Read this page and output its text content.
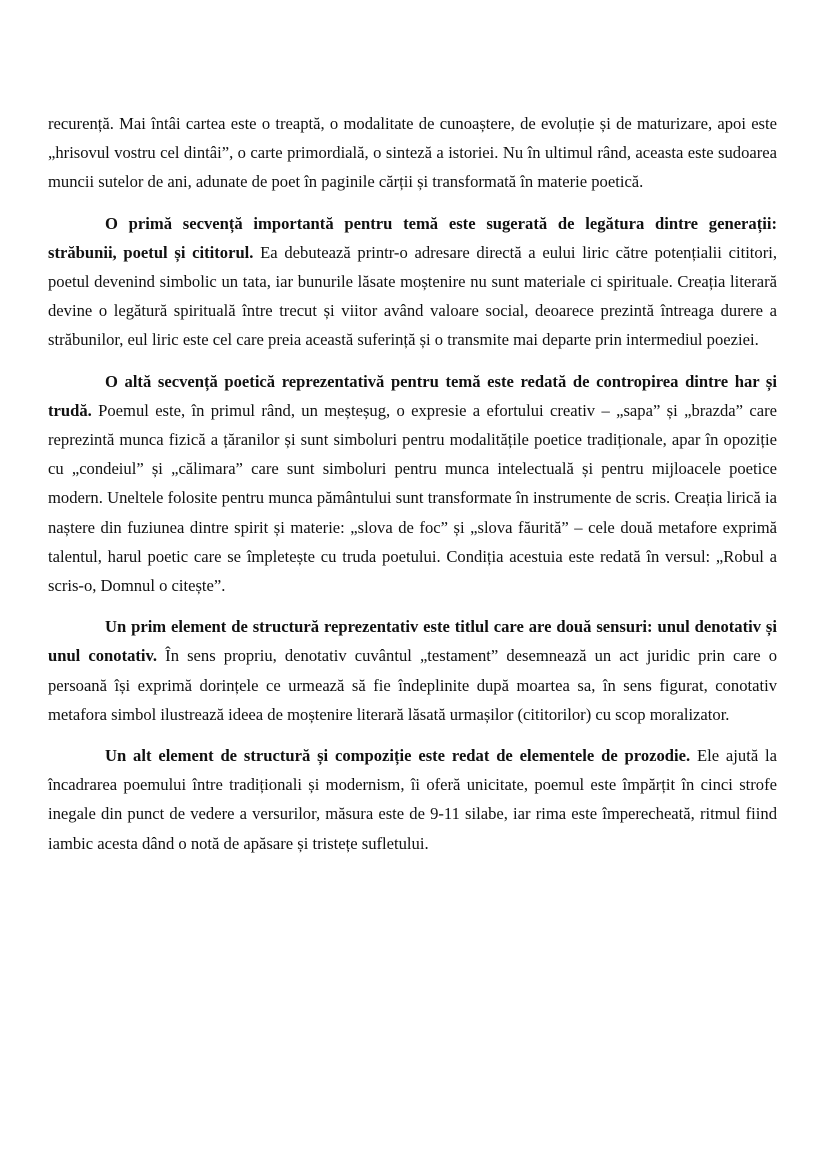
recurență. Mai întâi cartea este o treaptă, o modalitate de cunoaștere, de evoluție și de maturizare, apoi este „hrisovul vostru cel dintâi”, o carte primordială, o sinteză a istoriei. Nu în ultimul rând, aceasta este sudoarea muncii sutelor de ani, adunate de poet în paginile cărții și transformată în materie poetică.

O primă secvență importantă pentru temă este sugerată de legătura dintre generații: străbunii, poetul și cititorul. Ea debutează printr-o adresare directă a eului liric către potențialii cititori, poetul devenind simbolic un tata, iar bunurile lăsate moștenire nu sunt materiale ci spirituale. Creația literară devine o legătură spirituală între trecut și viitor având valoare social, deoarece prezintă întreaga durere a străbunilor, eul liric este cel care preia această suferință și o transmite mai departe prin intermediul poeziei.

O altă secvență poetică reprezentativă pentru temă este redată de contropirea dintre har și trudă. Poemul este, în primul rând, un meșteșug, o expresie a efortului creativ – „sapa” și „brazda” care reprezintă munca fizică a țăranilor și sunt simboluri pentru modalitățile poetice tradiționale, apar în opoziție cu „condeiul” și „călimara” care sunt simboluri pentru munca intelectuală și pentru mijloacele poetice modern. Uneltele folosite pentru munca pământului sunt transformate în instrumente de scris. Creația lirică ia naștere din fuziunea dintre spirit și materie: „slova de foc” și „slova făurită” – cele două metafore exprimă talentul, harul poetic care se împletește cu truda poetului. Condiția acestuia este redată în versul: „Robul a scris-o, Domnul o citește”.

Un prim element de structură reprezentativ este titlul care are două sensuri: unul denotativ și unul conotativ. În sens propriu, denotativ cuvântul „testament” desemnează un act juridic prin care o persoană își exprimă dorințele ce urmează să fie îndeplinite după moartea sa, în sens figurat, conotativ metafora simbol ilustrează ideea de moștenire literară lăsată urmașilor (cititorilor) cu scop moralizator.

Un alt element de structură și compoziție este redat de elementele de prozodie. Ele ajută la încadrarea poemului între tradiționali și modernism, îi oferă unicitate, poemul este împărțit în cinci strofe inegale din punct de vedere a versurilor, măsura este de 9-11 silabe, iar rima este împerecheată, ritmul fiind iambic acesta dând o notă de apăsare și tristețe sufletului.
